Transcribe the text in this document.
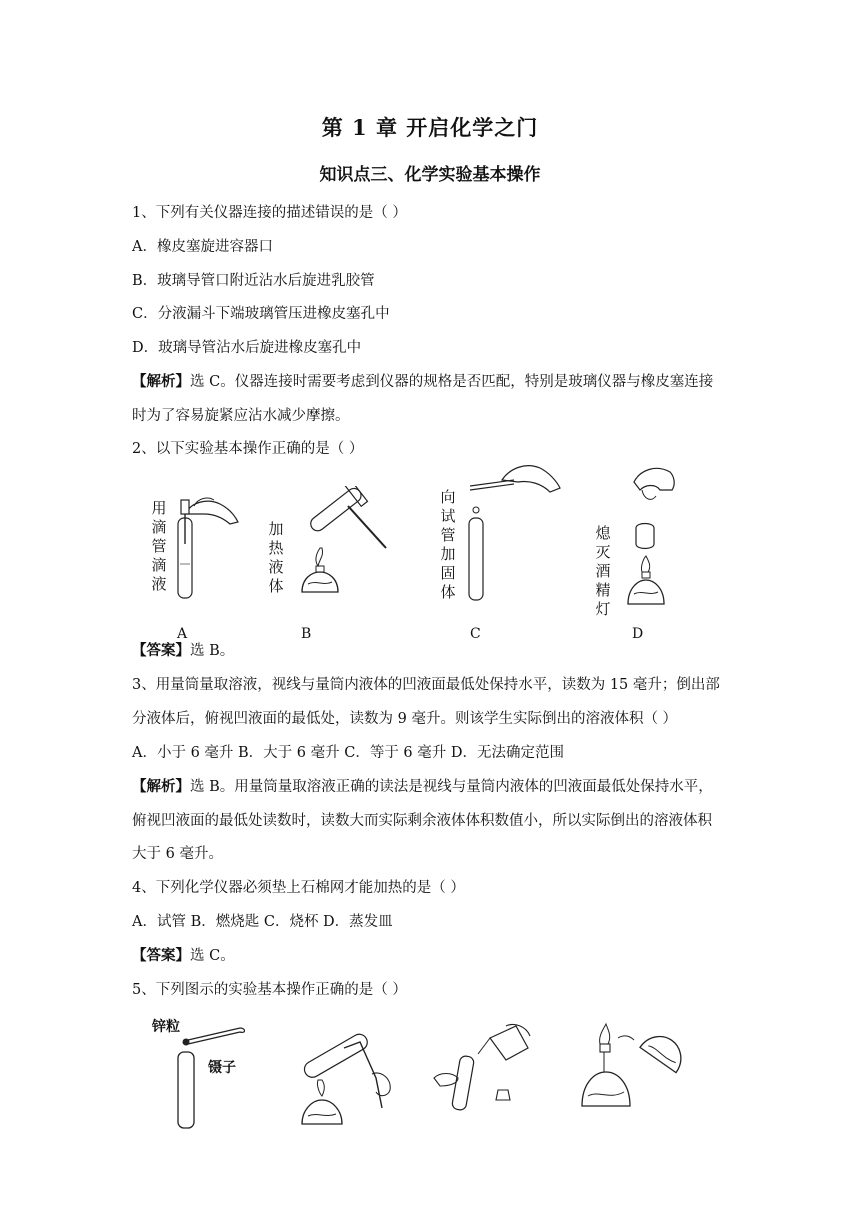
第 1 章 开启化学之门
知识点三、化学实验基本操作
1、下列有关仪器连接的描述错误的是（ ）
A．橡皮塞旋进容器口
B．玻璃导管口附近沾水后旋进乳胶管
C．分液漏斗下端玻璃管压进橡皮塞孔中
D．玻璃导管沾水后旋进橡皮塞孔中
【解析】选 C。仪器连接时需要考虑到仪器的规格是否匹配，特别是玻璃仪器与橡皮塞连接
时为了容易旋紧应沾水减少摩擦。
2、以下实验基本操作正确的是（ ）
用
滴
管
滴
液
加
热
液
体
向
试
管
加
固
体
熄
灭
酒
精
灯
A	B	C	D
【答案】选 B。
3、用量筒量取溶液，视线与量筒内液体的凹液面最低处保持水平，读数为 15 毫升；倒出部
分液体后，俯视凹液面的最低处，读数为 9 毫升。则该学生实际倒出的溶液体积（ ）
A．小于 6 毫升 B．大于 6 毫升 C．等于 6 毫升 D．无法确定范围
【解析】选 B。用量筒量取溶液正确的读法是视线与量筒内液体的凹液面最低处保持水平，
俯视凹液面的最低处读数时，读数大而实际剩余液体体积数值小，所以实际倒出的溶液体积
大于 6 毫升。
4、下列化学仪器必须垫上石棉网才能加热的是（ ）
A．试管 B．燃烧匙 C．烧杯 D．蒸发皿
【答案】选 C。
5、下列图示的实验基本操作正确的是（ ）
锌粒
镊子
